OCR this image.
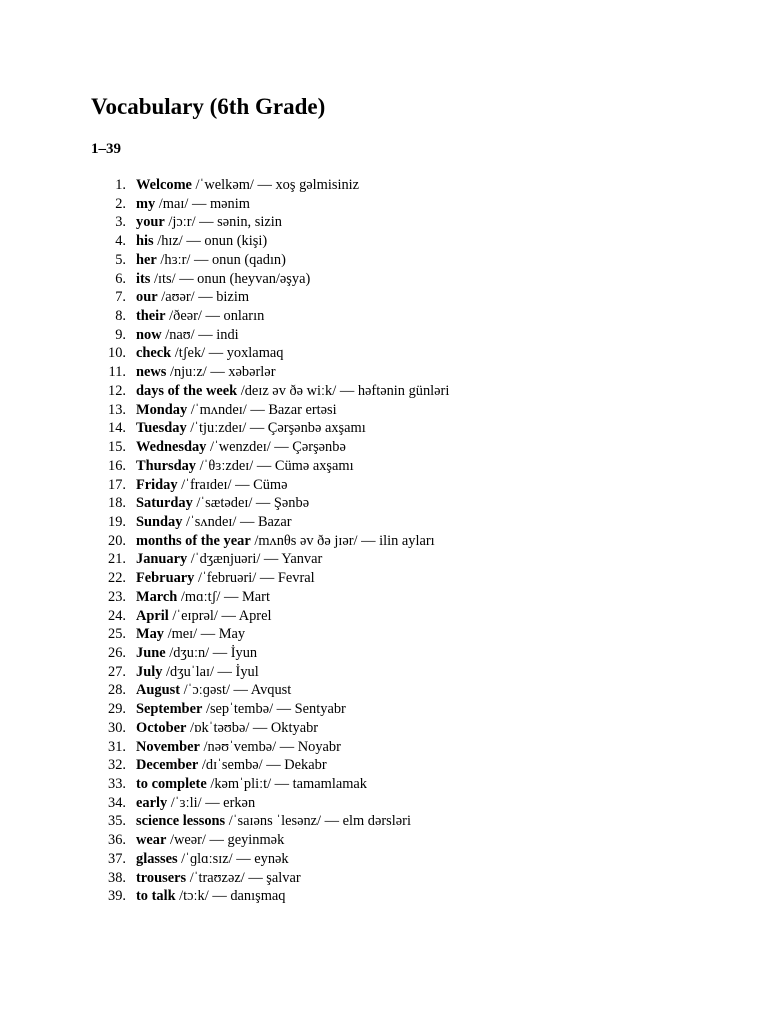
Vocabulary (6th Grade)
1–39
1. Welcome /ˈwelkəm/ — xoş gəlmisiniz
2. my /maɪ/ — mənim
3. your /jɔːr/ — sənin, sizin
4. his /hɪz/ — onun (kişi)
5. her /hɜːr/ — onun (qadın)
6. its /ɪts/ — onun (heyvan/əşya)
7. our /aʊər/ — bizim
8. their /ðeər/ — onların
9. now /naʊ/ — indi
10. check /tʃek/ — yoxlamaq
11. news /njuːz/ — xəbərlər
12. days of the week /deɪz əv ðə wiːk/ — həftənin günləri
13. Monday /ˈmʌndeɪ/ — Bazar ertəsi
14. Tuesday /ˈtjuːzdeɪ/ — Çərşənbə axşamı
15. Wednesday /ˈwenzdeɪ/ — Çərşənbə
16. Thursday /ˈθɜːzdeɪ/ — Cümə axşamı
17. Friday /ˈfraɪdeɪ/ — Cümə
18. Saturday /ˈsætədeɪ/ — Şənbə
19. Sunday /ˈsʌndeɪ/ — Bazar
20. months of the year /mʌnθs əv ðə jɪər/ — ilin ayları
21. January /ˈdʒænjuəri/ — Yanvar
22. February /ˈfebruəri/ — Fevral
23. March /mɑːtʃ/ — Mart
24. April /ˈeɪprəl/ — Aprel
25. May /meɪ/ — May
26. June /dʒuːn/ — İyun
27. July /dʒuˈlaɪ/ — İyul
28. August /ˈɔːɡəst/ — Avqust
29. September /sepˈtembə/ — Sentyabr
30. October /ɒkˈtəʊbə/ — Oktyabr
31. November /nəʊˈvembə/ — Noyabr
32. December /dɪˈsembə/ — Dekabr
33. to complete /kəmˈpliːt/ — tamamlamak
34. early /ˈɜːli/ — erkən
35. science lessons /ˈsaɪəns ˈlesənz/ — elm dərsləri
36. wear /weər/ — geyinmək
37. glasses /ˈɡlɑːsɪz/ — eynək
38. trousers /ˈtraʊzəz/ — şalvar
39. to talk /tɔːk/ — danışmaq
